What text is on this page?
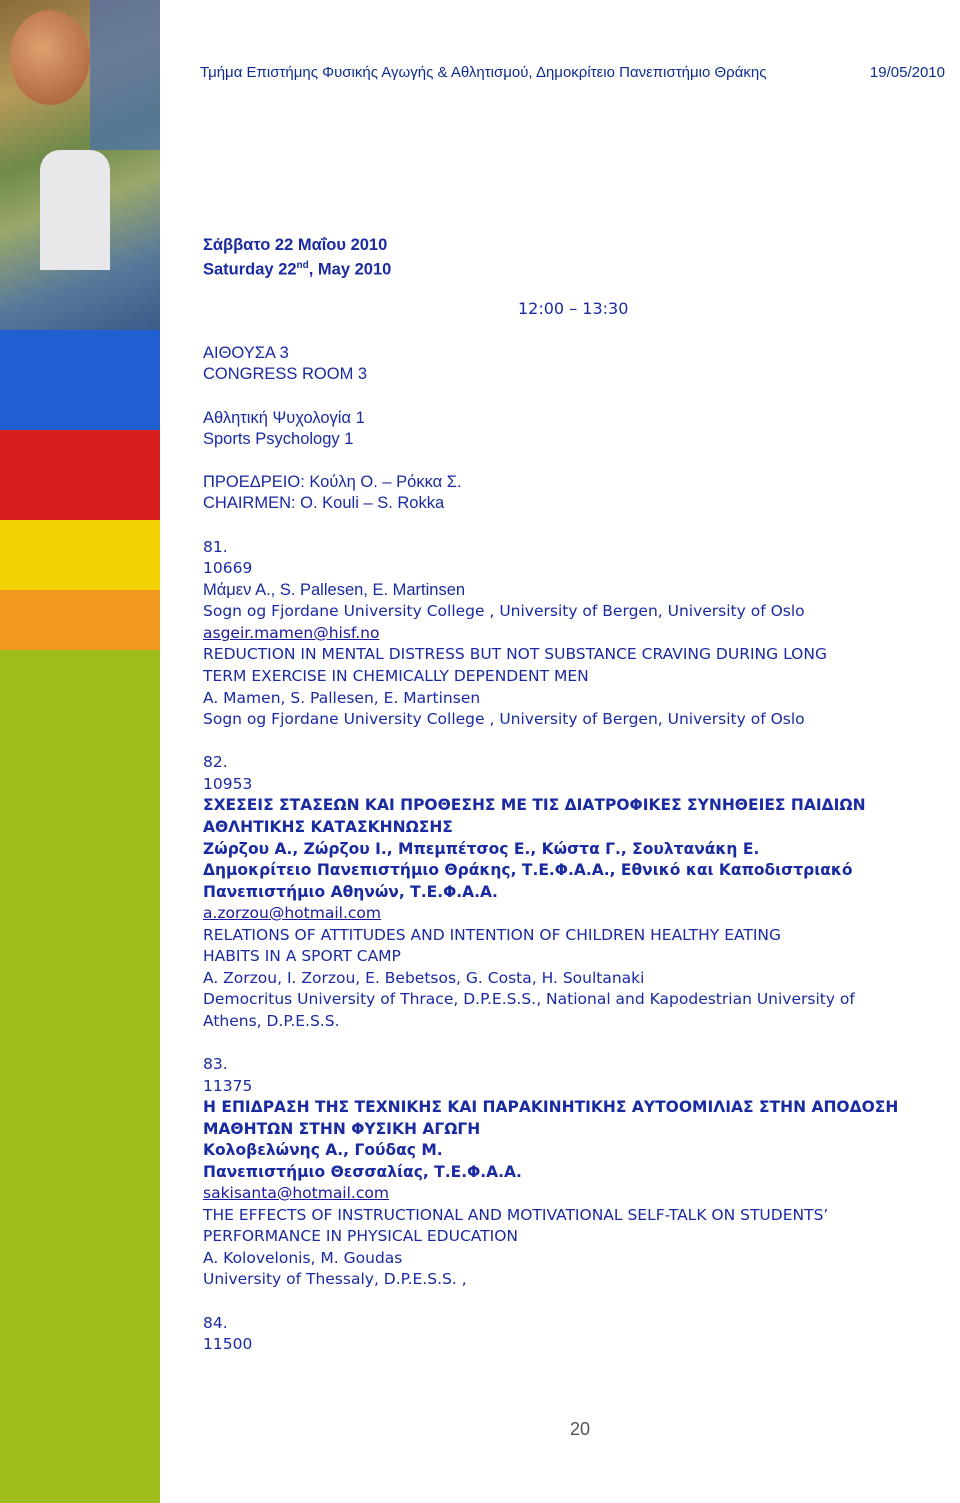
Τμήμα Επιστήμης Φυσικής Αγωγής & Αθλητισμού, Δημοκρίτειο Πανεπιστήμιο Θράκης	19/05/2010
Σάββατο 22 Μαΐου 2010
Saturday 22nd, May 2010
12:00 – 13:30
ΑΙΘΟΥΣΑ 3
CONGRESS ROOM 3
Αθλητική Ψυχολογία 1
Sports Psychology 1
ΠΡΟΕΔΡΕΙΟ: Κούλη Ο. – Ρόκκα Σ.
CHAIRMEN: O. Kouli – S. Rokka
81.
10669
Μάμεν Α., S. Pallesen, E. Martinsen
Sogn og Fjordane University College , University of Bergen, University of Oslo
asgeir.mamen@hisf.no
REDUCTION IN MENTAL DISTRESS BUT NOT SUBSTANCE CRAVING DURING LONG
TERM EXERCISE IN CHEMICALLY DEPENDENT MEN
A. Mamen, S. Pallesen, E. Martinsen
Sogn og Fjordane University College , University of Bergen, University of Oslo
82.
10953
ΣΧΕΣΕΙΣ ΣΤΑΣΕΩΝ ΚΑΙ ΠΡΟΘΕΣΗΣ ΜΕ ΤΙΣ ΔΙΑΤΡΟΦΙΚΕΣ ΣΥΝΗΘΕΙΕΣ ΠΑΙΔΙΩΝ
ΑΘΛΗΤΙΚΗΣ ΚΑΤΑΣΚΗΝΩΣΗΣ
Ζώρζου Α., Ζώρζου Ι., Μπεμπέτσος Ε., Κώστα Γ., Σουλτανάκη Ε.
Δημοκρίτειο Πανεπιστήμιο Θράκης, Τ.Ε.Φ.Α.Α., Εθνικό και Καποδιστριακό
Πανεπιστήμιο Αθηνών, Τ.Ε.Φ.Α.Α.
a.zorzou@hotmail.com
RELATIONS OF ATTITUDES AND INTENTION OF CHILDREN HEALTHY EATING
HABITS IN A SPORT CAMP
A. Zorzou, I. Zorzou, E. Bebetsos, G. Costa, H. Soultanaki
Democritus University of Thrace, D.P.E.S.S., National and Kapodestrian University of
Athens, D.P.E.S.S.
83.
11375
Η ΕΠΙΔΡΑΣΗ ΤΗΣ ΤΕΧΝΙΚΗΣ ΚΑΙ ΠΑΡΑΚΙΝΗΤΙΚΗΣ ΑΥΤΟΟΜΙΛΙΑΣ ΣΤΗΝ ΑΠΟΔΟΣΗ
ΜΑΘΗΤΩΝ ΣΤΗΝ ΦΥΣΙΚΗ ΑΓΩΓΗ
Κολοβελώνης Α., Γούδας Μ.
Πανεπιστήμιο Θεσσαλίας, Τ.Ε.Φ.Α.Α.
sakisanta@hotmail.com
THE EFFECTS OF INSTRUCTIONAL AND MOTIVATIONAL SELF-TALK ON STUDENTS’
PERFORMANCE IN PHYSICAL EDUCATION
A. Kolovelonis, M. Goudas
University of Thessaly, D.P.E.S.S. ,
84.
11500
20
